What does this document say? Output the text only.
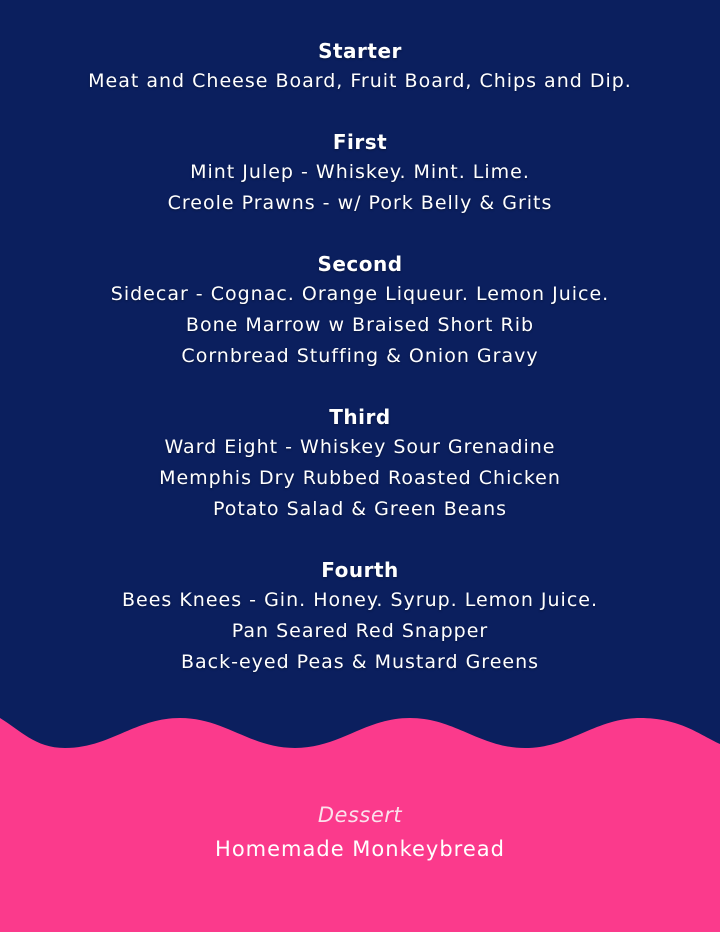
Starter

Meat and Cheese Board, Fruit Board, Chips and Dip.

First

Mint Julep - Whiskey. Mint. Lime.

Creole Prawns - w/ Pork Belly & Grits

Second

Sidecar - Cognac. Orange Liqueur. Lemon Juice.

Bone Marrow w Braised Short Rib

Cornbread Stuffing & Onion Gravy

Third

Ward Eight - Whiskey Sour Grenadine

Memphis Dry Rubbed Roasted Chicken

Potato Salad & Green Beans

Fourth

Bees Knees - Gin. Honey. Syrup. Lemon Juice.

Pan Seared Red Snapper

Back-eyed Peas & Mustard Greens

Dessert

Homemade Monkeybread
